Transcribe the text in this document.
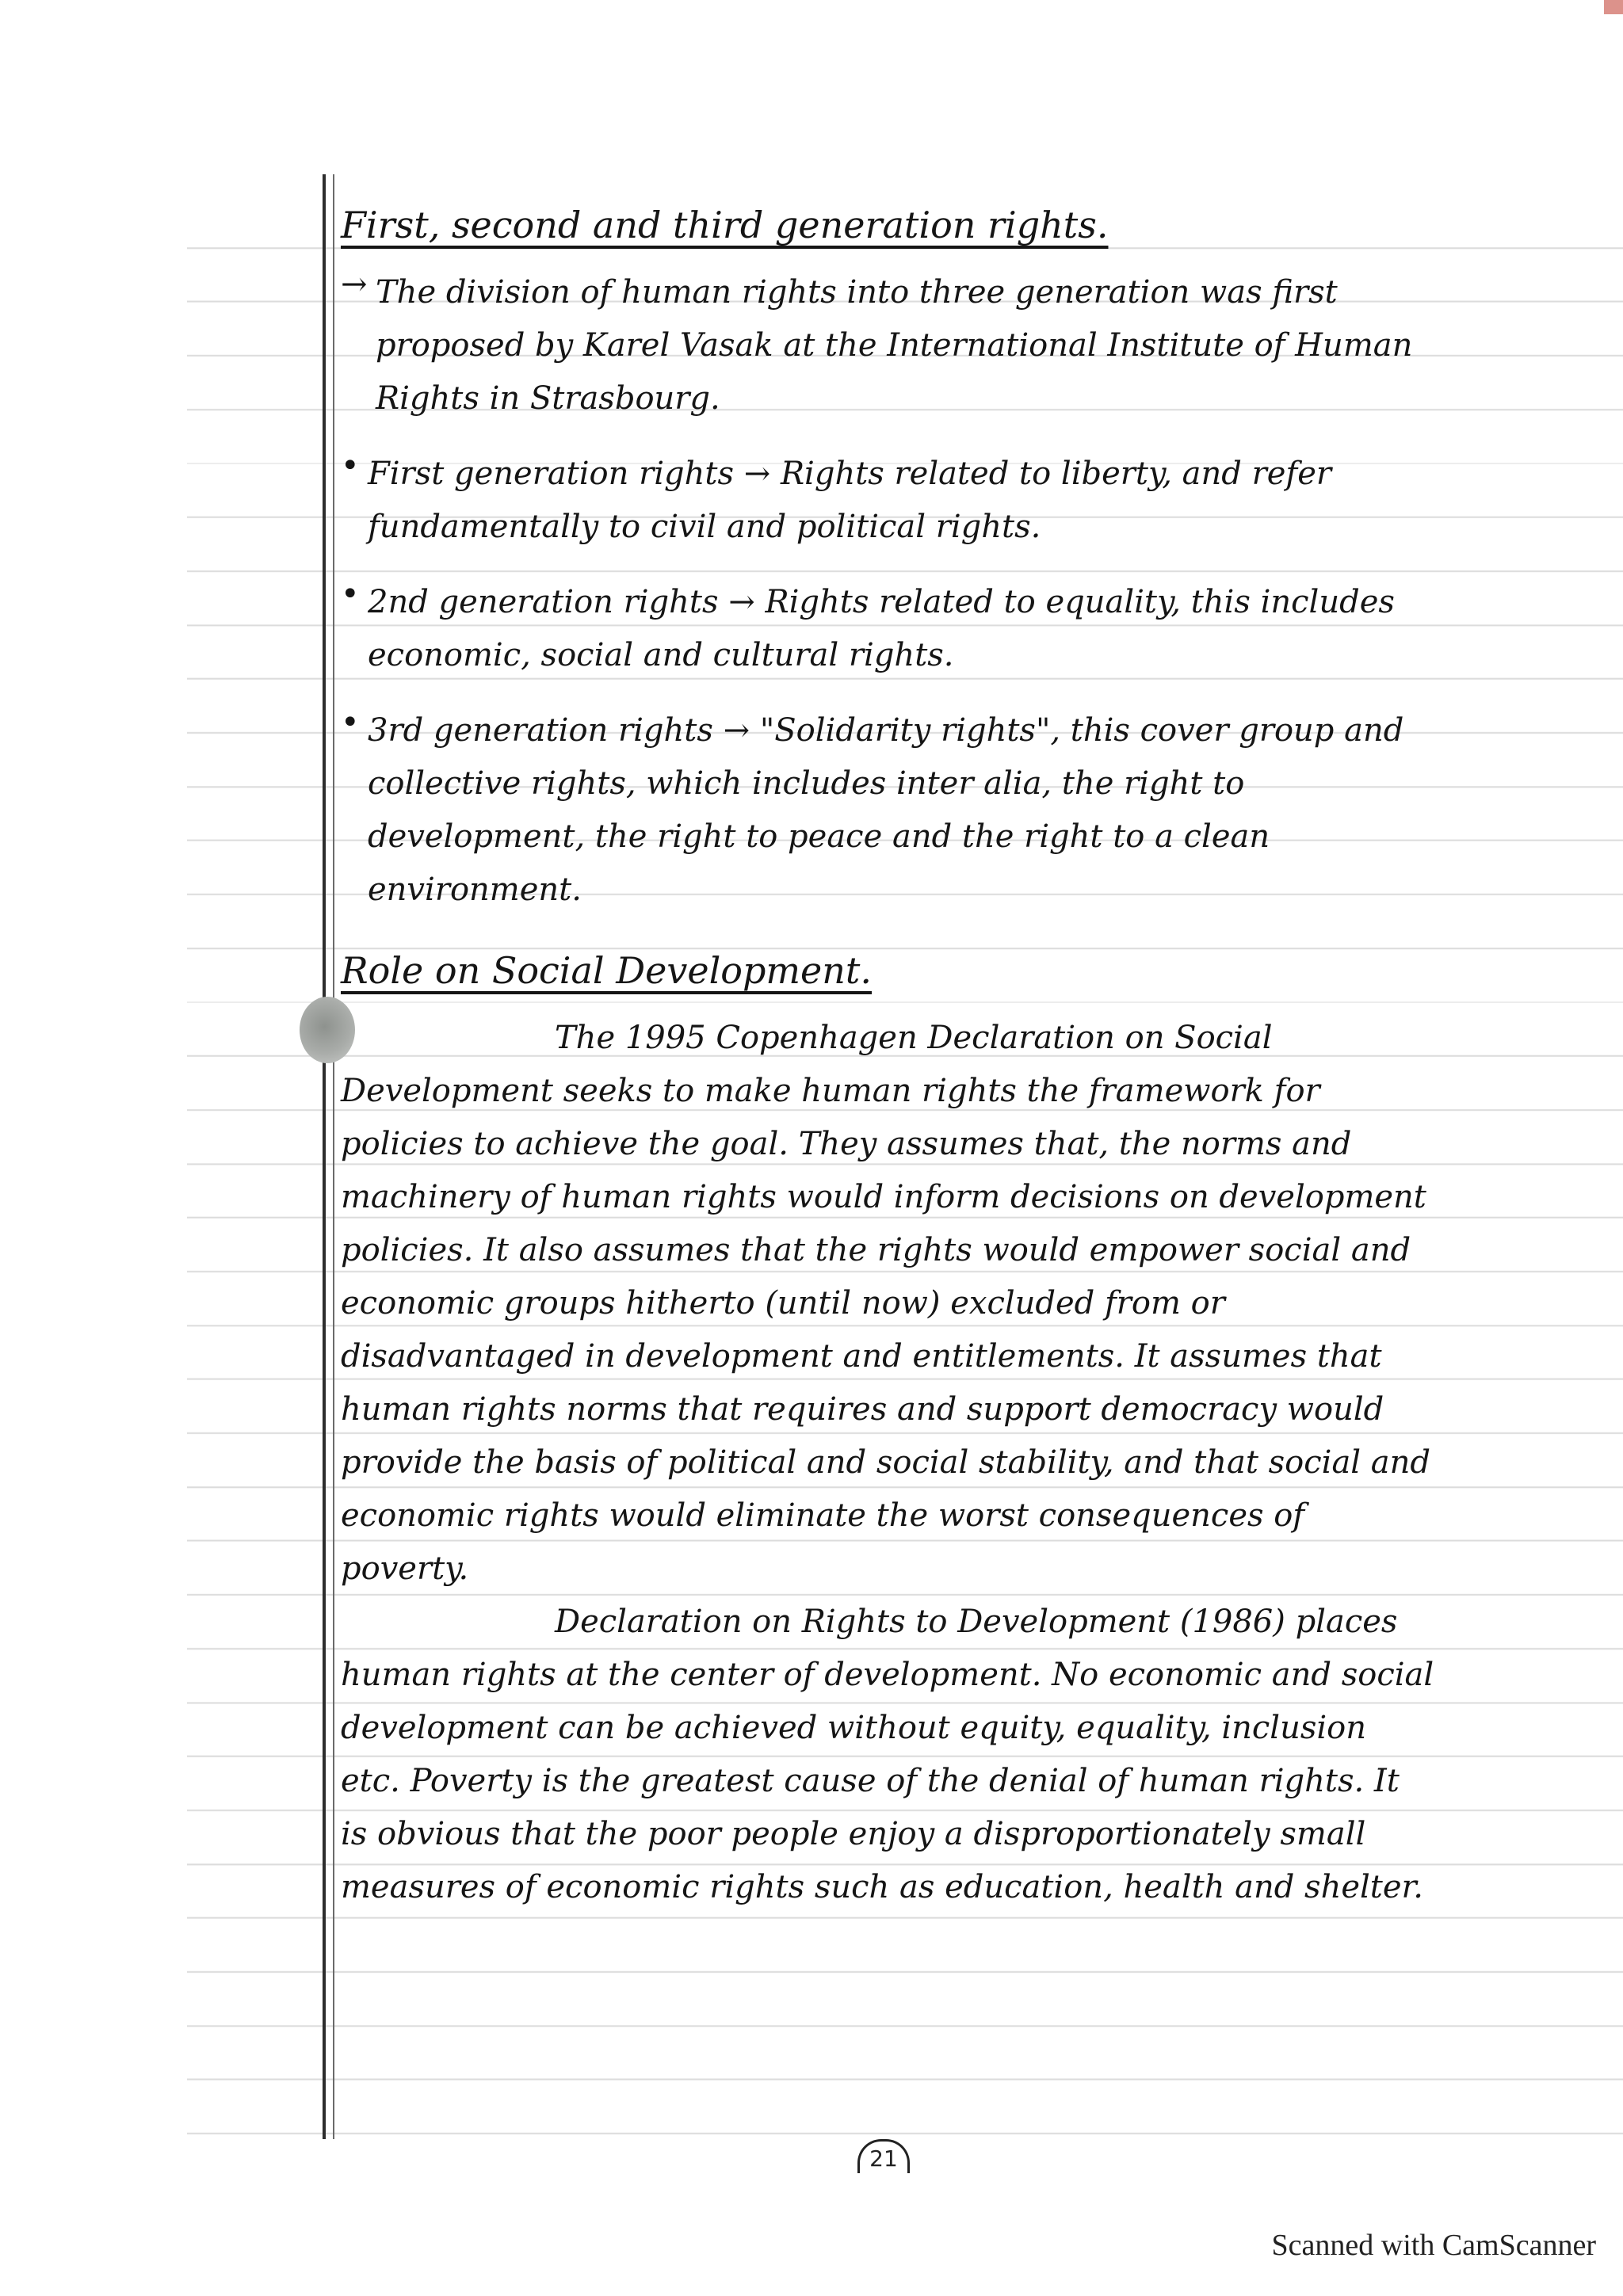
First, second and third generation rights.
→ The division of human rights into three generation was first proposed by Karel Vasak at the International Institute of Human Rights in Strasbourg.
• First generation rights → Rights related to liberty, and refer fundamentally to civil and political rights.
• 2nd generation rights → Rights related to equality, this includes economic, social and cultural rights.
• 3rd generation rights → "Solidarity rights", this cover group and collective rights, which includes inter alia, the right to development, the right to peace and the right to a clean environment.
Role on Social Development.

The 1995 Copenhagen Declaration on Social Development seeks to make human rights the framework for policies to achieve the goal. They assumes that, the norms and machinery of human rights would inform decisions on development policies. It also assumes that the rights would empower social and economic groups hitherto (until now) excluded from or disadvantaged in development and entitlements. It assumes that human rights norms that requires and support democracy would provide the basis of political and social stability, and that social and economic rights would eliminate the worst consequences of poverty.

Declaration on Rights to Development (1986) places human rights at the center of development. No economic and social development can be achieved without equity, equality, inclusion etc. Poverty is the greatest cause of the denial of human rights. It is obvious that the poor people enjoy a disproportionately small measures of economic rights such as education, health and shelter.

21
Scanned with CamScanner
